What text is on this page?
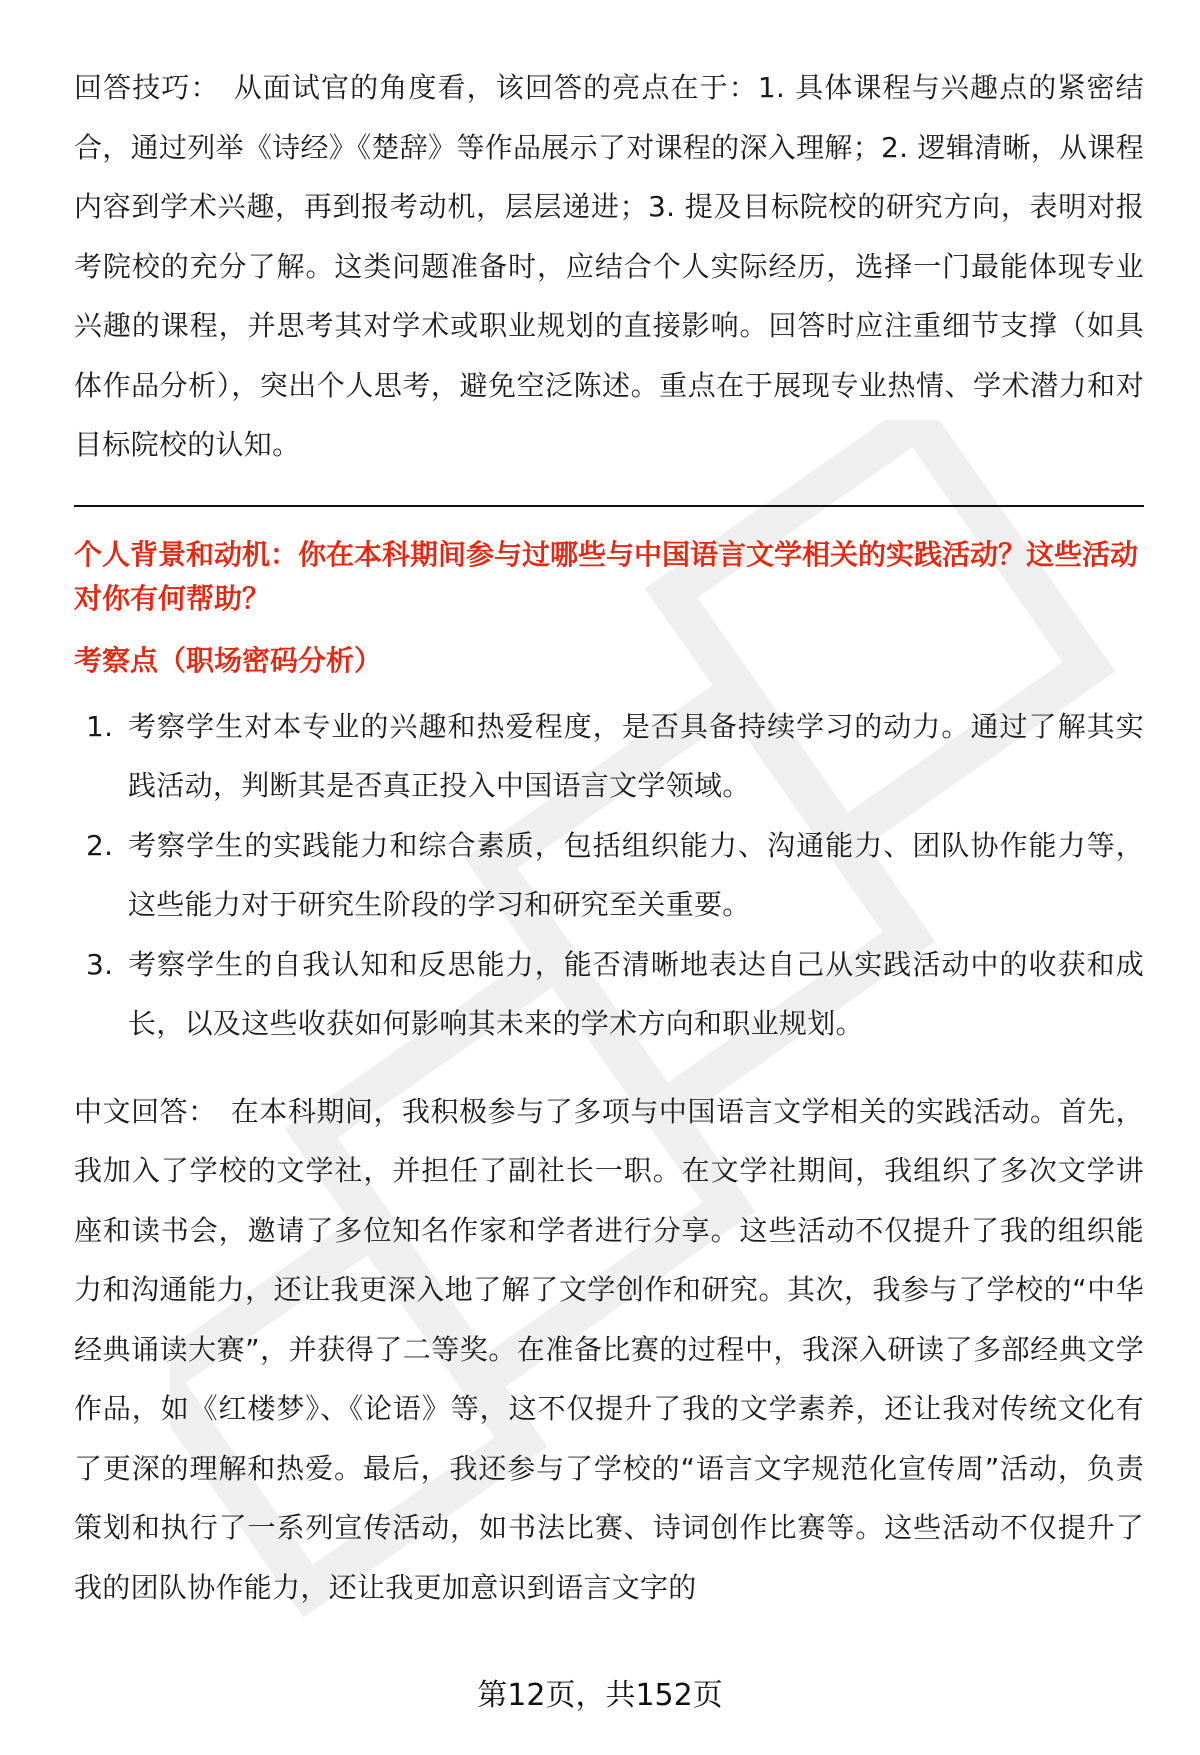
回答技巧： 从面试官的角度看，该回答的亮点在于：1. 具体课程与兴趣点的紧密结合，通过列举《诗经》《楚辞》等作品展示了对课程的深入理解；2. 逻辑清晰，从课程内容到学术兴趣，再到报考动机，层层递进；3. 提及目标院校的研究方向，表明对报考院校的充分了解。这类问题准备时，应结合个人实际经历，选择一门最能体现专业兴趣的课程，并思考其对学术或职业规划的直接影响。回答时应注重细节支撑（如具体作品分析），突出个人思考，避免空泛陈述。重点在于展现专业热情、学术潜力和对目标院校的认知。

个人背景和动机：你在本科期间参与过哪些与中国语言文学相关的实践活动？这些活动对你有何帮助？

考察点（职场密码分析）

1. 考察学生对本专业的兴趣和热爱程度，是否具备持续学习的动力。通过了解其实践活动，判断其是否真正投入中国语言文学领域。
2. 考察学生的实践能力和综合素质，包括组织能力、沟通能力、团队协作能力等，这些能力对于研究生阶段的学习和研究至关重要。
3. 考察学生的自我认知和反思能力，能否清晰地表达自己从实践活动中的收获和成长，以及这些收获如何影响其未来的学术方向和职业规划。

中文回答： 在本科期间，我积极参与了多项与中国语言文学相关的实践活动。首先，我加入了学校的文学社，并担任了副社长一职。在文学社期间，我组织了多次文学讲座和读书会，邀请了多位知名作家和学者进行分享。这些活动不仅提升了我的组织能力和沟通能力，还让我更深入地了解了文学创作和研究。其次，我参与了学校的“中华经典诵读大赛”，并获得了二等奖。在准备比赛的过程中，我深入研读了多部经典文学作品，如《红楼梦》、《论语》等，这不仅提升了我的文学素养，还让我对传统文化有了更深的理解和热爱。最后，我还参与了学校的“语言文字规范化宣传周”活动，负责策划和执行了一系列宣传活动，如书法比赛、诗词创作比赛等。这些活动不仅提升了我的团队协作能力，还让我更加意识到语言文字的

第12页，共152页
